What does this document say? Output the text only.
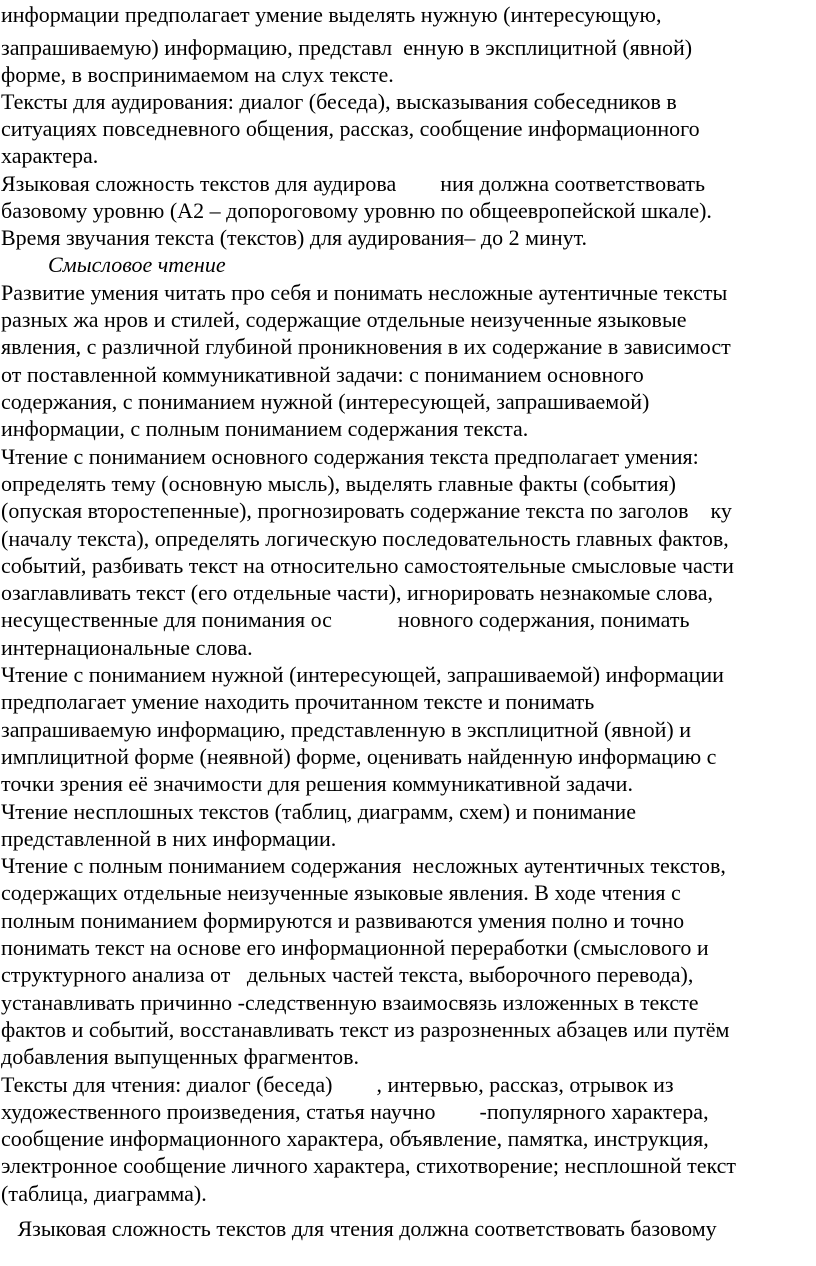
информации предполагает умение выделять нужную (интересующую,
запрашиваемую) информацию, представл  енную в эксплицитной (явной)
форме, в воспринимаемом на слух тексте.
Тексты для аудирования: диалог (беседа), высказывания собеседников в
ситуациях повседневного общения, рассказ, сообщение информационного
характера.
Языковая сложность текстов для аудирова        ния должна соответствовать
базовому уровню (А2 – допороговому уровню по общеевропейской шкале).
Время звучания текста (текстов) для аудирования– до 2 минут.
Смысловое чтение
Развитие умения читать про себя и понимать несложные аутентичные тексты
разных жа нров и стилей, содержащие отдельные неизученные языковые
явления, с различной глубиной проникновения в их содержание в зависимост
от поставленной коммуникативной задачи: с пониманием основного
содержания, с пониманием нужной (интересующей, запрашиваемой)
информации, с полным пониманием содержания текста.
Чтение с пониманием основного содержания текста предполагает умения:
определять тему (основную мысль), выделять главные факты (события)
(опуская второстепенные), прогнозировать содержание текста по заголов    ку
(началу текста), определять логическую последовательность главных фактов,
событий, разбивать текст на относительно самостоятельные смысловые части
озаглавливать текст (его отдельные части), игнорировать незнакомые слова,
несущественные для понимания ос            новного содержания, понимать
интернациональные слова.
Чтение с пониманием нужной (интересующей, запрашиваемой) информации
предполагает умение находить прочитанном тексте и понимать
запрашиваемую информацию, представленную в эксплицитной (явной) и
имплицитной форме (неявной) форме, оценивать найденную информацию с
точки зрения её значимости для решения коммуникативной задачи.
Чтение несплошных текстов (таблиц, диаграмм, схем) и понимание
представленной в них информации.
Чтение с полным пониманием содержания  несложных аутентичных текстов,
содержащих отдельные неизученные языковые явления. В ходе чтения с
полным пониманием формируются и развиваются умения полно и точно
понимать текст на основе его информационной переработки (смыслового и
структурного анализа от   дельных частей текста, выборочного перевода),
устанавливать причинно -следственную взаимосвязь изложенных в тексте
фактов и событий, восстанавливать текст из разрозненных абзацев или путём
добавления выпущенных фрагментов.
Тексты для чтения: диалог (беседа)        , интервью, рассказ, отрывок из
художественного произведения, статья научно        -популярного характера,
сообщение информационного характера, объявление, памятка, инструкция,
электронное сообщение личного характера, стихотворение; несплошной текст
(таблица, диаграмма).
Языковая сложность текстов для чтения должна соответствовать базовому
